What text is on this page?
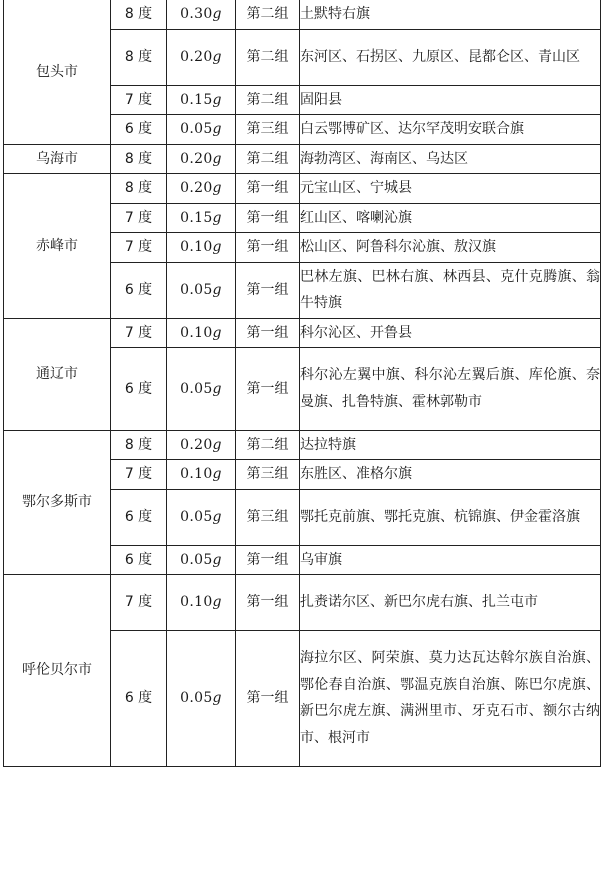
包头市	8 度	0.30g	第二组	土默特右旗
	8 度	0.20g	第二组	东河区、石拐区、九原区、昆都仑区、青山区
	7 度	0.15g	第二组	固阳县
	6 度	0.05g	第三组	白云鄂博矿区、达尔罕茂明安联合旗
乌海市	8 度	0.20g	第二组	海勃湾区、海南区、乌达区
赤峰市	8 度	0.20g	第一组	元宝山区、宁城县
	7 度	0.15g	第一组	红山区、喀喇沁旗
	7 度	0.10g	第一组	松山区、阿鲁科尔沁旗、敖汉旗
	6 度	0.05g	第一组	巴林左旗、巴林右旗、林西县、克什克腾旗、翁牛特旗
通辽市	7 度	0.10g	第一组	科尔沁区、开鲁县
	6 度	0.05g	第一组	科尔沁左翼中旗、科尔沁左翼后旗、库伦旗、奈曼旗、扎鲁特旗、霍林郭勒市
鄂尔多斯市	8 度	0.20g	第二组	达拉特旗
	7 度	0.10g	第三组	东胜区、准格尔旗
	6 度	0.05g	第三组	鄂托克前旗、鄂托克旗、杭锦旗、伊金霍洛旗
	6 度	0.05g	第一组	乌审旗
呼伦贝尔市	7 度	0.10g	第一组	扎赉诺尔区、新巴尔虎右旗、扎兰屯市
	6 度	0.05g	第一组	海拉尔区、阿荣旗、莫力达瓦达斡尔族自治旗、鄂伦春自治旗、鄂温克族自治旗、陈巴尔虎旗、新巴尔虎左旗、满洲里市、牙克石市、额尔古纳市、根河市
